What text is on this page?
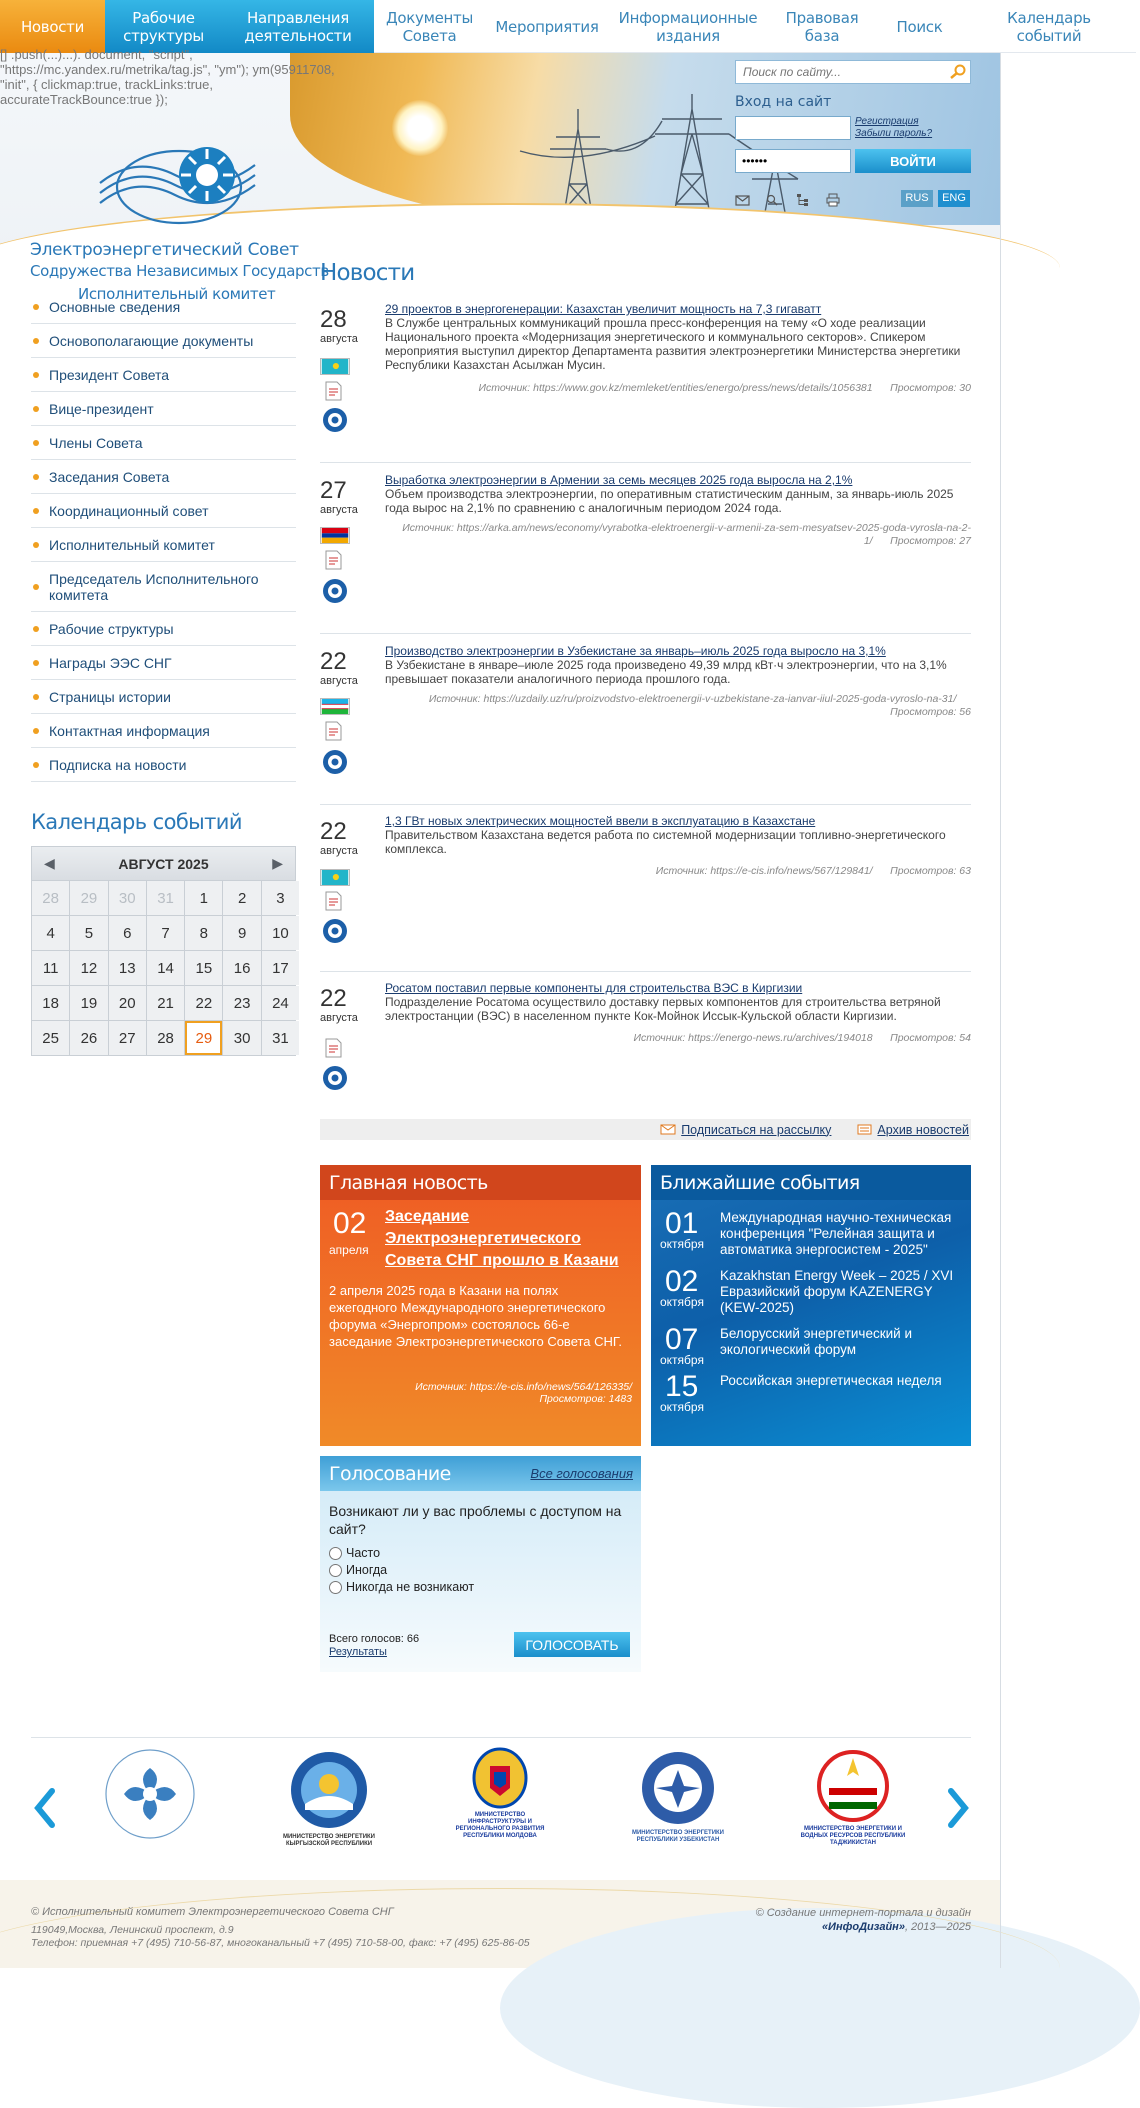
Новости	Рабочие структуры
Направления деятельности
Документы Совета	Мероприятия	Информационные издания
Правовая база	Поиск	Календарь событий
Электроэнергетический Совет
Содружества Независимых Государств
Исполнительный комитет
[] .push(...)...). document, "script", "https://mc.yandex.ru/metrika/tag.js", "ym"); ym(95911708, "init", { clickmap:true, trackLinks:true, accurateTrackBounce:true });
Поиск по сайту...	Вход на сайт
Регистрация
Забыли пароль?
••••••
ВОЙТИ
RUS	ENG
Основные сведения
Основополагающие документы
Президент Совета
Вице-президент
Члены Совета
Заседания Совета
Координационный совет
Исполнительный комитет
Председатель Исполнительного комитета
Рабочие структуры
Награды ЭЭС СНГ
Страницы истории
Контактная информация
Подписка на новости
Календарь событий
◀	АВГУСТ 2025	▶
28	29	30	31	1	2	3
4	5	6	7	8	9	10
11	12	13	14	15	16	17
18	19	20	21	22	23	24
25	26	27	28	29	30	31
Новости
28
августа
29 проектов в энергогенерации: Казахстан увеличит мощность на 7,3 гигаватт
В Службе центральных коммуникаций прошла пресс-конференция на тему «О ходе реализации Национального проекта «Модернизация энергетического и коммунального секторов». Спикером мероприятия выступил директор Департамента развития электроэнергетики Министерства энергетики Республики Казахстан Асылжан Мусин.
Источник: https://www.gov.kz/memleket/entities/energo/press/news/details/1056381 Просмотров: 30
27
августа
Выработка электроэнергии в Армении за семь месяцев 2025 года выросла на 2,1%
Объем производства электроэнергии, по оперативным статистическим данным, за январь-июль 2025 года вырос на 2,1% по сравнению с аналогичным периодом 2024 года.
Источник: https://arka.am/news/economy/vyrabotka-elektroenergii-v-armenii-za-sem-mesyatsev-2025-goda-vyrosla-na-2-1/ Просмотров: 27
22
августа
Производство электроэнергии в Узбекистане за январь–июль 2025 года выросло на 3,1%
В Узбекистане в январе–июле 2025 года произведено 49,39 млрд кВт·ч электроэнергии, что на 3,1% превышает показатели аналогичного периода прошлого года.
Источник: https://uzdaily.uz/ru/proizvodstvo-elektroenergii-v-uzbekistane-za-ianvar-iiul-2025-goda-vyroslo-na-31/      Просмотров: 56
22
августа
1,3 ГВт новых электрических мощностей ввели в эксплуатацию в Казахстане
Правительством Казахстана ведется работа по системной модернизации топливно-энергетического комплекса.
Источник: https://e-cis.info/news/567/129841/ Просмотров: 63
22
августа
Росатом поставил первые компоненты для строительства ВЭС в Киргизии
Подразделение Росатома осуществило доставку первых компонентов для строительства ветряной электростанции (ВЭС) в населенном пункте Кок-Мойнок Иссык-Кульской области Киргизии.
Источник: https://energo-news.ru/archives/194018 Просмотров: 54
Подписаться на рассылку	Архив новостей
Главная новость
02
апреля
Заседание Электроэнергетического Совета СНГ прошло в Казани
2 апреля 2025 года в Казани на полях ежегодного Международного энергетического форума «Энергопром» состоялось 66-е заседание Электроэнергетического Совета СНГ.
Источник: https://e-cis.info/news/564/126335/
Просмотров: 1483
Ближайшие события
01
октября
Международная научно-техническая конференция "Релейная защита и автоматика энергосистем - 2025"
02
октября
Kazakhstan Energy Week – 2025 / XVI Евразийский форум KAZENERGY (KEW-2025)
07
октября
Белорусский энергетический и экологический форум
15
октября
Российская энергетическая неделя
Голосование	Все голосования
Возникают ли у вас проблемы с доступом на сайт?
Часто
Иногда
Никогда не возникают
Всего голосов: 66
Результаты	ГОЛОСОВАТЬ
МИНИСТЕРСТВО ЭНЕРГЕТИКИ КЫРГЫЗСКОЙ РЕСПУБЛИКИ
МИНИСТЕРСТВО ИНФРАСТРУКТУРЫ И РЕГИОНАЛЬНОГО РАЗВИТИЯ РЕСПУБЛИКИ МОЛДОВА	МИНИСТЕРСТВО ЭНЕРГЕТИКИ РЕСПУБЛИКИ УЗБЕКИСТАН
МИНИСТЕРСТВО ЭНЕРГЕТИКИ И ВОДНЫХ РЕСУРСОВ РЕСПУБЛИКИ ТАДЖИКИСТАН
© Исполнительный комитет Электроэнергетического Совета СНГ
119049,Москва, Ленинский проспект, д.9
Телефон: приемная +7 (495) 710-56-87, многоканальный +7 (495) 710-58-00, факс: +7 (495) 625-86-05
© Создание интернет-портала и дизайн
«ИнфоДизайн», 2013—2025
